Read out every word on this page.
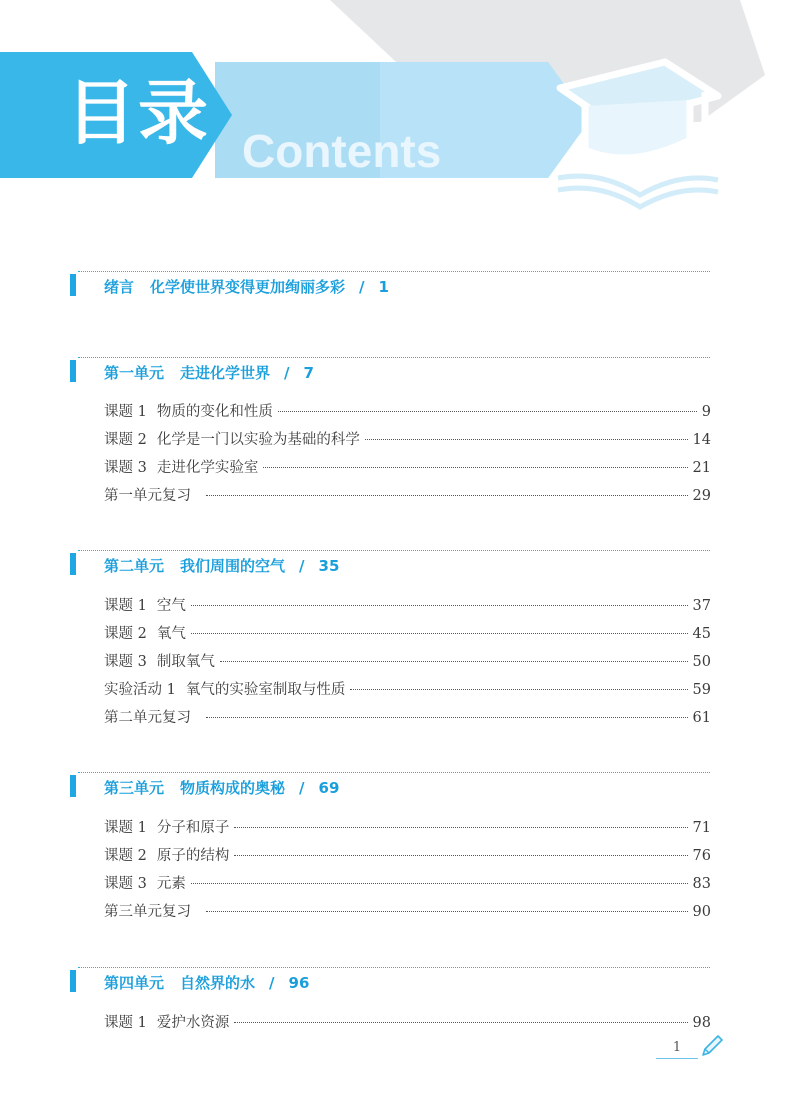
目录 Contents
绪言 化学使世界变得更加绚丽多彩 / 1
第一单元 走进化学世界 / 7
课题 1 物质的变化和性质	9
课题 2 化学是一门以实验为基础的科学	14
课题 3 走进化学实验室	21
第一单元复习	29
第二单元 我们周围的空气 / 35
课题 1 空气	37
课题 2 氧气	45
课题 3 制取氧气	50
实验活动 1 氧气的实验室制取与性质	59
第二单元复习	61
第三单元 物质构成的奥秘 / 69
课题 1 分子和原子	71
课题 2 原子的结构	76
课题 3 元素	83
第三单元复习	90
第四单元 自然界的水 / 96
课题 1 爱护水资源	98
1
